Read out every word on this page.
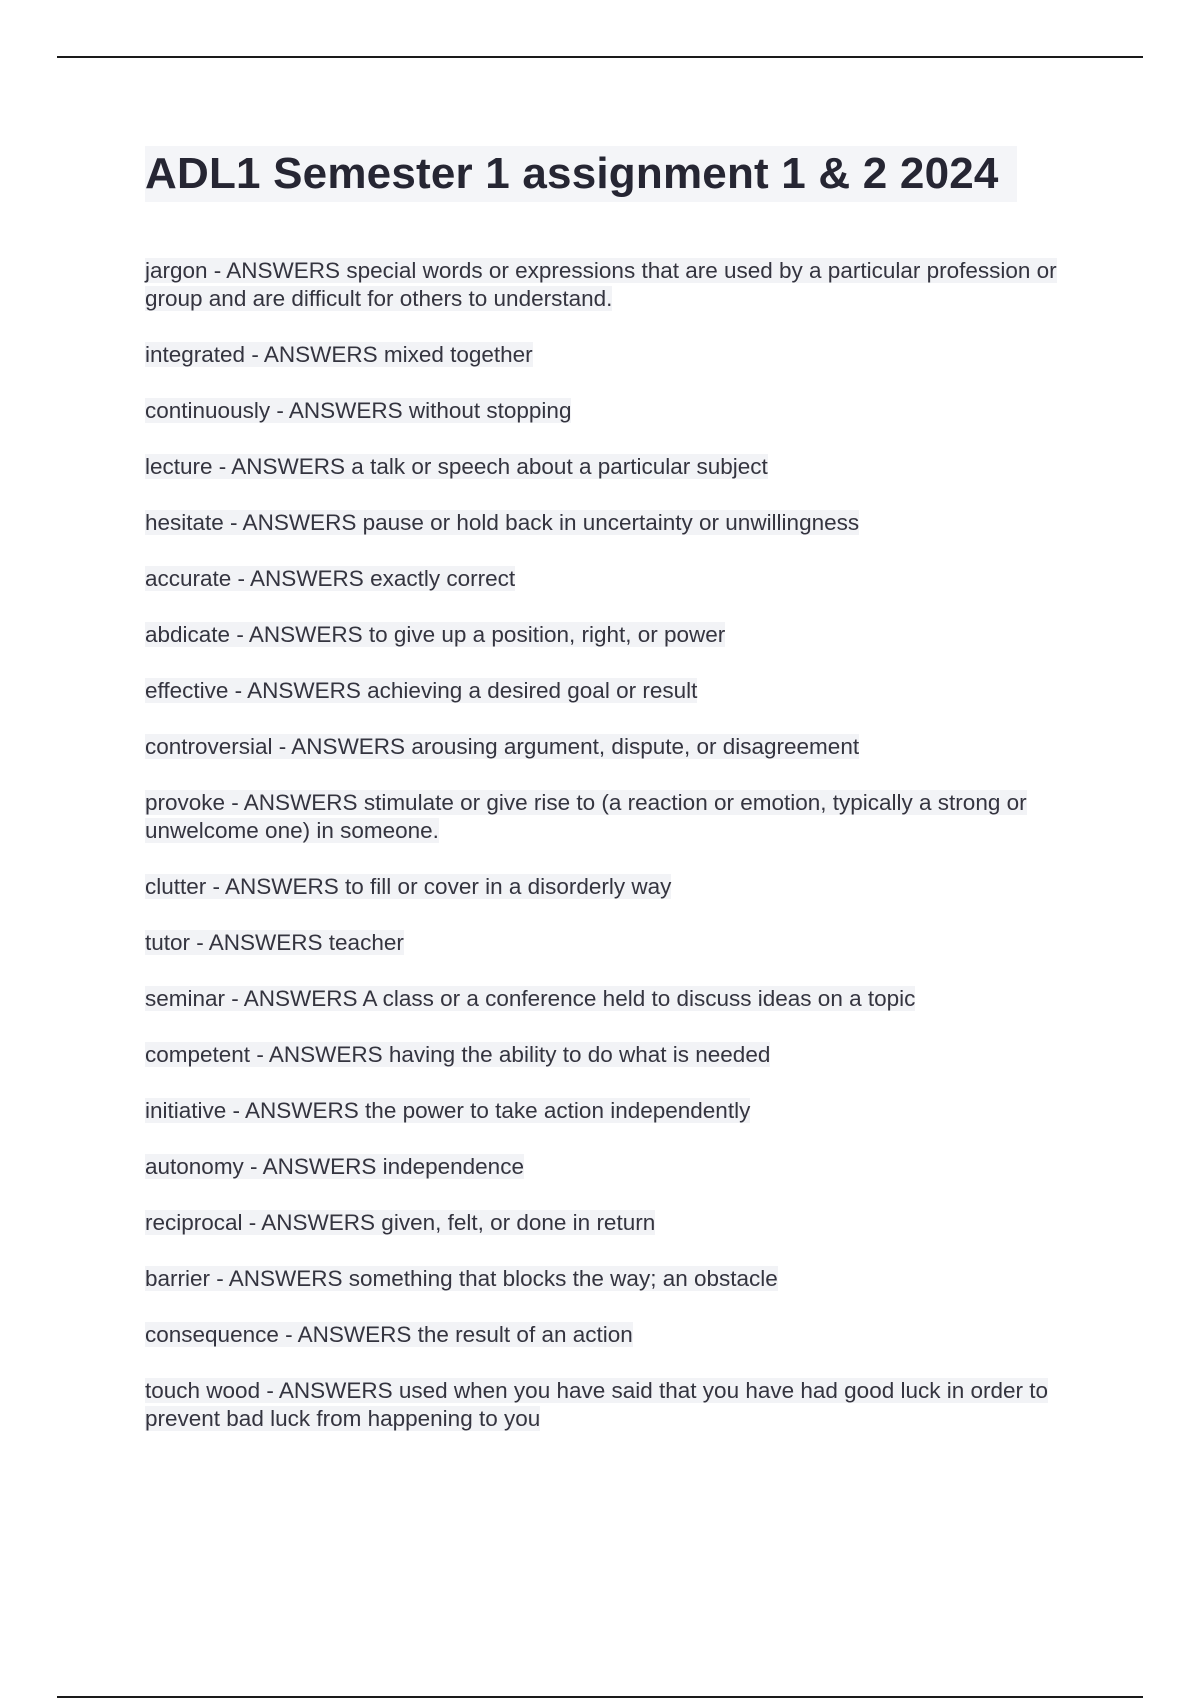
ADL1 Semester 1 assignment 1 & 2 2024
jargon - ANSWERS special words or expressions that are used by a particular profession or group and are difficult for others to understand.
integrated - ANSWERS mixed together
continuously - ANSWERS without stopping
lecture - ANSWERS a talk or speech about a particular subject
hesitate - ANSWERS pause or hold back in uncertainty or unwillingness
accurate - ANSWERS exactly correct
abdicate - ANSWERS to give up a position, right, or power
effective - ANSWERS achieving a desired goal or result
controversial - ANSWERS arousing argument, dispute, or disagreement
provoke - ANSWERS stimulate or give rise to (a reaction or emotion, typically a strong or unwelcome one) in someone.
clutter - ANSWERS to fill or cover in a disorderly way
tutor - ANSWERS teacher
seminar - ANSWERS A class or a conference held to discuss ideas on a topic
competent - ANSWERS having the ability to do what is needed
initiative - ANSWERS the power to take action independently
autonomy - ANSWERS independence
reciprocal - ANSWERS given, felt, or done in return
barrier - ANSWERS something that blocks the way; an obstacle
consequence - ANSWERS the result of an action
touch wood - ANSWERS used when you have said that you have had good luck in order to prevent bad luck from happening to you
